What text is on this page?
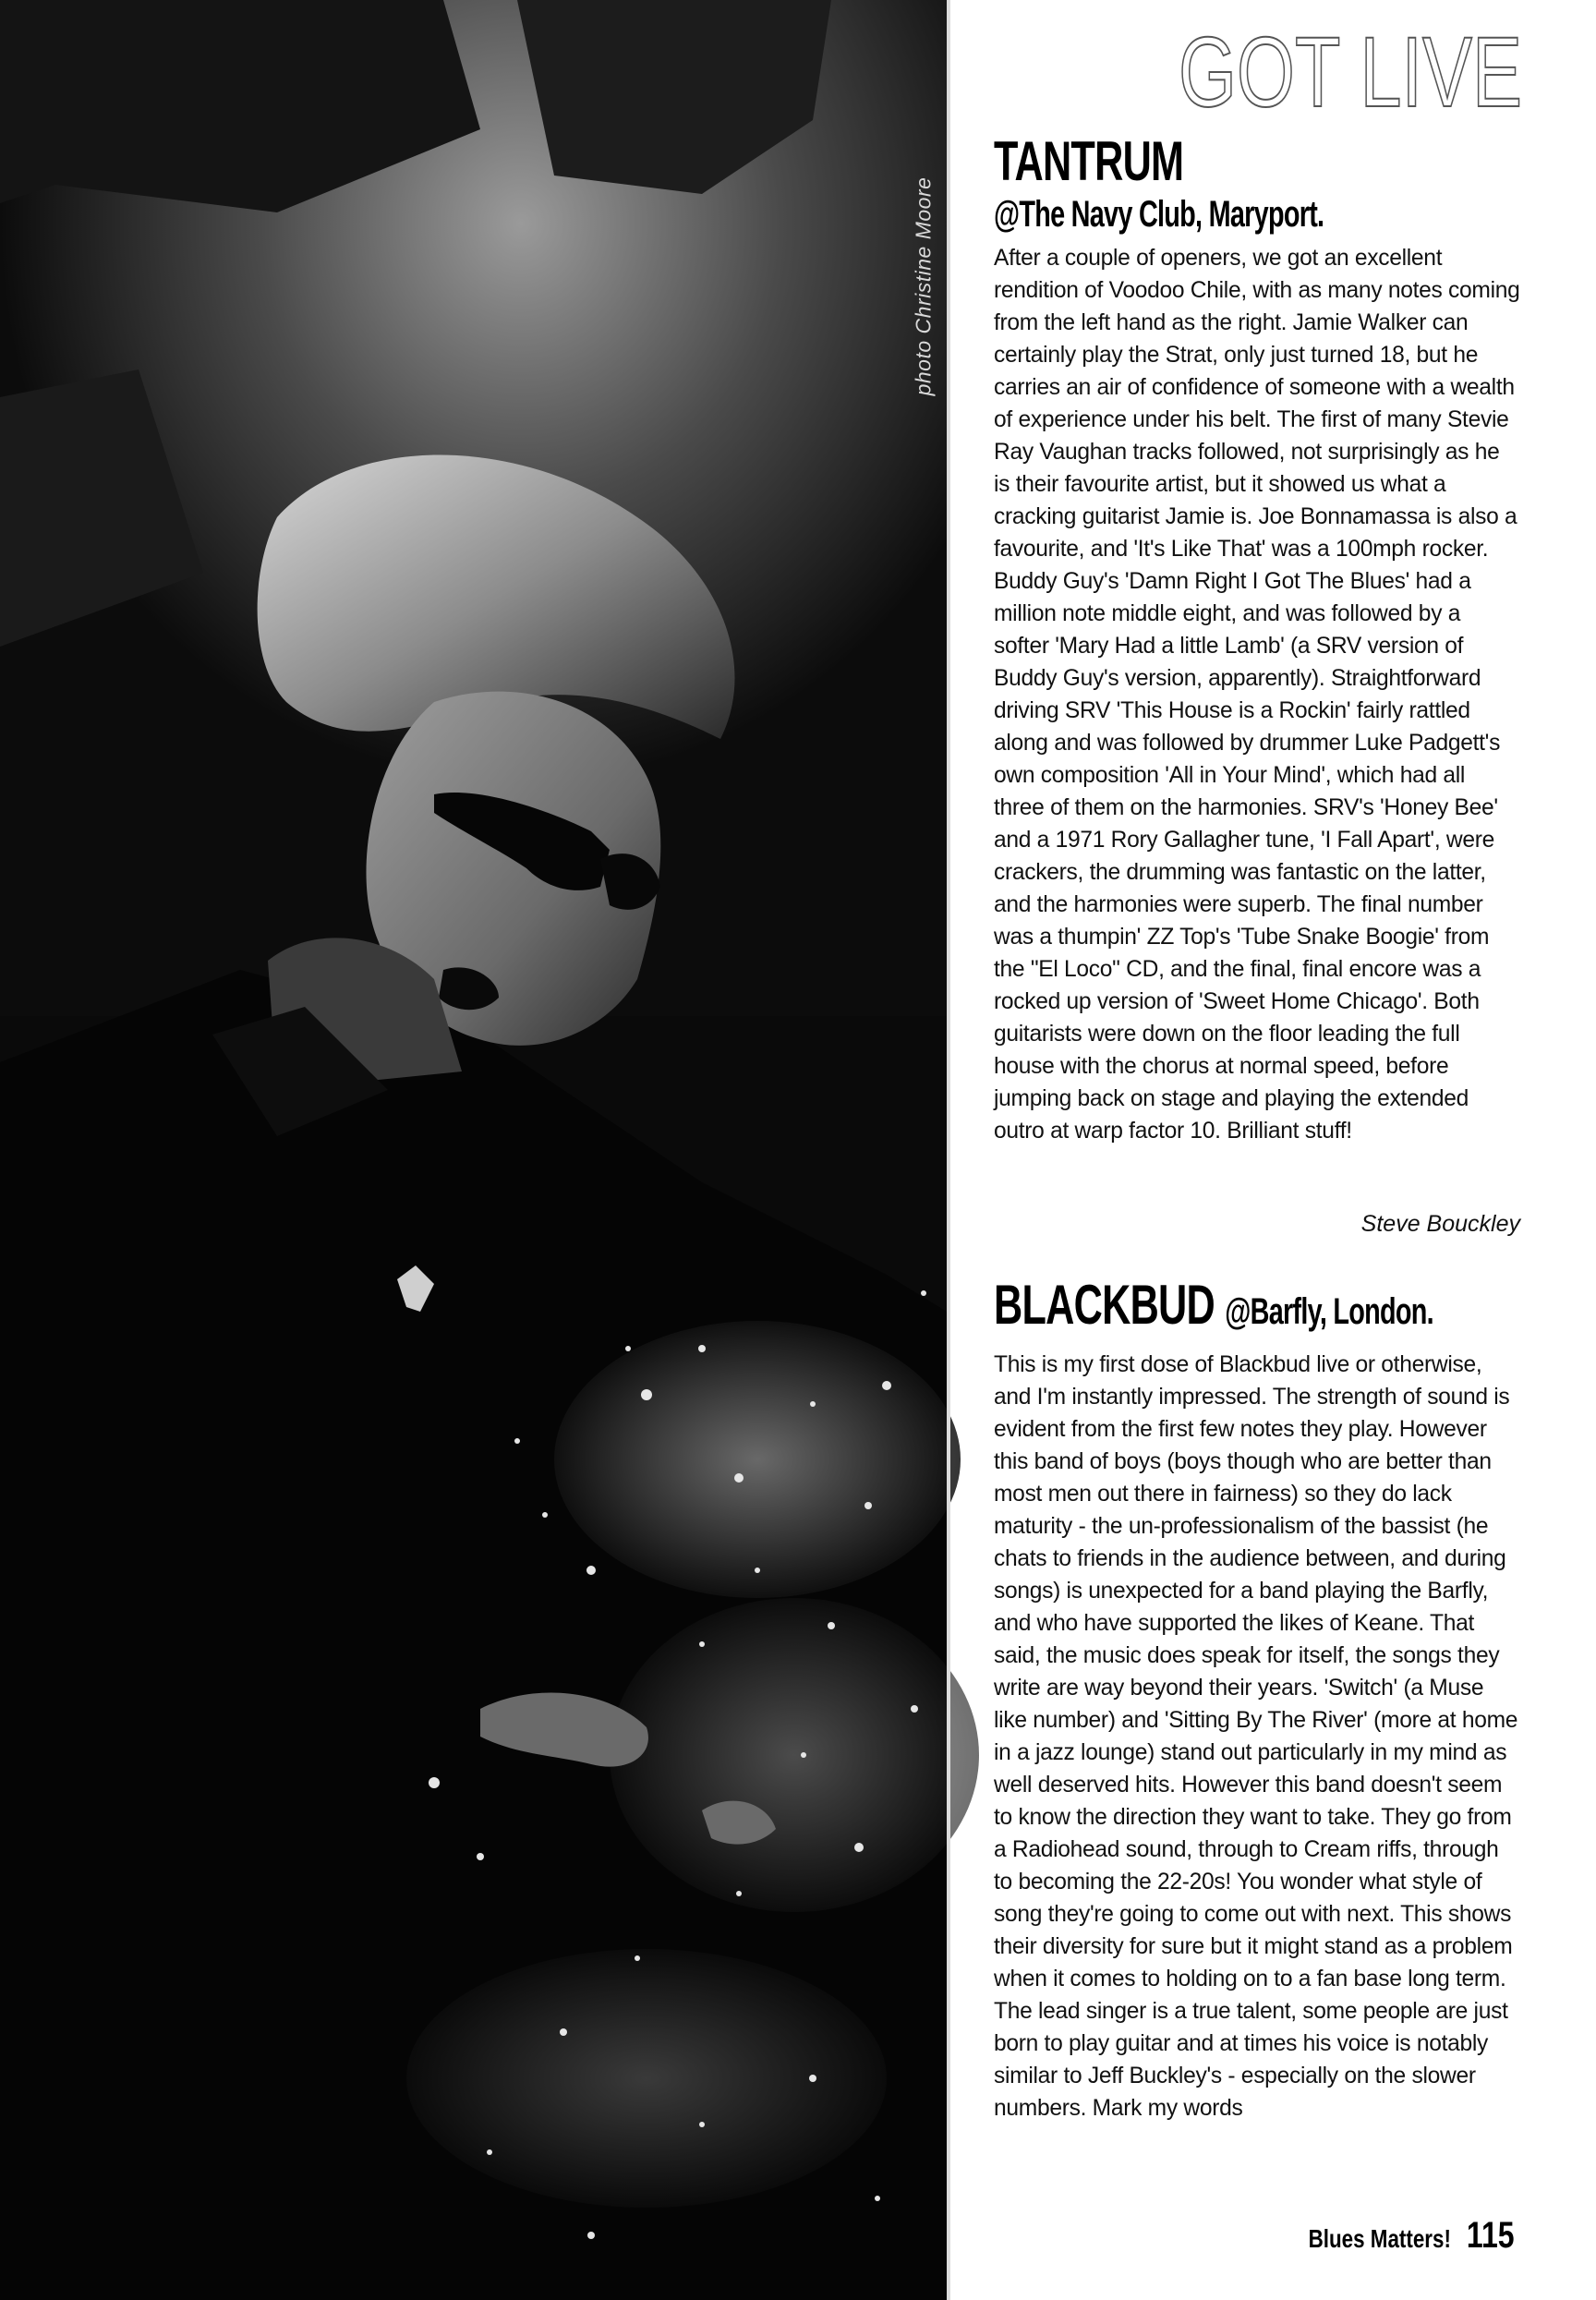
photo Christine Moore
GOT LIVE
TANTRUM
@The Navy Club, Maryport.

After a couple of openers, we got an excellent rendition of Voodoo Chile, with as many notes coming from the left hand as the right. Jamie Walker can certainly play the Strat, only just turned 18, but he carries an air of confidence of someone with a wealth of experience under his belt. The first of many Stevie Ray Vaughan tracks followed, not surprisingly as he is their favourite artist, but it showed us what a cracking guitarist Jamie is. Joe Bonnamassa is also a favourite, and 'It's Like That' was a 100mph rocker. Buddy Guy's 'Damn Right I Got The Blues' had a million note middle eight, and was followed by a softer 'Mary Had a little Lamb' (a SRV version of Buddy Guy's version, apparently). Straightforward driving SRV 'This House is a Rockin' fairly rattled along and was followed by drummer Luke Padgett's own composition 'All in Your Mind', which had all three of them on the harmonies. SRV's 'Honey Bee' and a 1971 Rory Gallagher tune, 'I Fall Apart', were crackers, the drumming was fantastic on the latter, and the harmonies were superb. The final number was a thumpin' ZZ Top's 'Tube Snake Boogie' from the "El Loco" CD, and the final, final encore was a rocked up version of 'Sweet Home Chicago'. Both guitarists were down on the floor leading the full house with the chorus at normal speed, before jumping back on stage and playing the extended outro at warp factor 10. Brilliant stuff!

Steve Bouckley
BLACKBUD @Barfly, London.

This is my first dose of Blackbud live or otherwise, and I'm instantly impressed. The strength of sound is evident from the first few notes they play. However this band of boys (boys though who are better than most men out there in fairness) so they do lack maturity - the un-professionalism of the bassist (he chats to friends in the audience between, and during songs) is unexpected for a band playing the Barfly, and who have supported the likes of Keane. That said, the music does speak for itself, the songs they write are way beyond their years. 'Switch' (a Muse like number) and 'Sitting By The River' (more at home in a jazz lounge) stand out particularly in my mind as well deserved hits. However this band doesn't seem to know the direction they want to take. They go from a Radiohead sound, through to Cream riffs, through to becoming the 22-20s! You wonder what style of song they're going to come out with next. This shows their diversity for sure but it might stand as a problem when it comes to holding on to a fan base long term. The lead singer is a true talent, some people are just born to play guitar and at times his voice is notably similar to Jeff Buckley's - especially on the slower numbers. Mark my words

Blues Matters! 115
